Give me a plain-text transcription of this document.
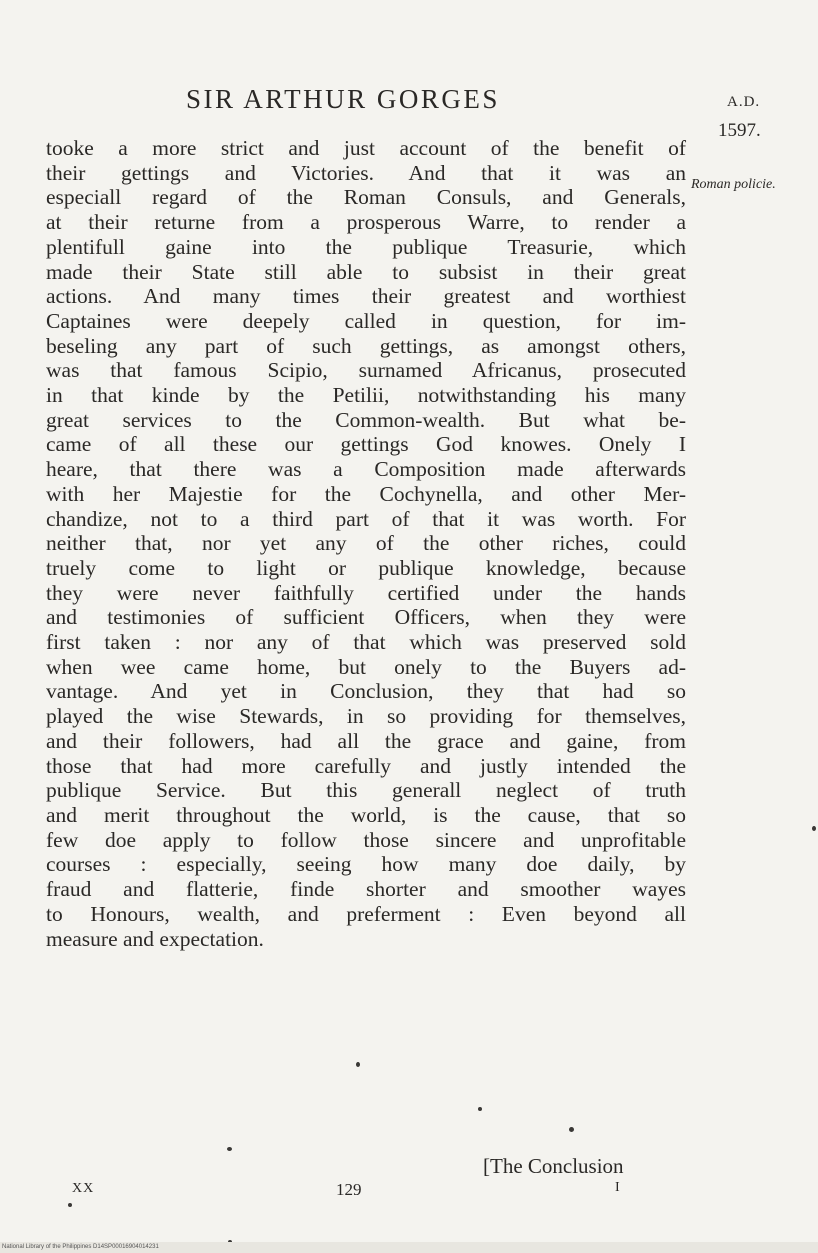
SIR ARTHUR GORGES	A.D.
1597.
Roman policie.
tooke a more strict and just account of the benefit of
their gettings and Victories. And that it was an
especiall regard of the Roman Consuls, and Generals,
at their returne from a prosperous Warre, to render a
plentifull gaine into the publique Treasurie, which
made their State still able to subsist in their great
actions. And many times their greatest and worthiest
Captaines were deepely called in question, for im-
beseling any part of such gettings, as amongst others,
was that famous Scipio, surnamed Africanus, prosecuted
in that kinde by the Petilii, notwithstanding his many
great services to the Common-wealth. But what be-
came of all these our gettings God knowes. Onely I
heare, that there was a Composition made afterwards
with her Majestie for the Cochynella, and other Mer-
chandize, not to a third part of that it was worth. For
neither that, nor yet any of the other riches, could
truely come to light or publique knowledge, because
they were never faithfully certified under the hands
and testimonies of sufficient Officers, when they were
first taken : nor any of that which was preserved sold
when wee came home, but onely to the Buyers ad-
vantage. And yet in Conclusion, they that had so
played the wise Stewards, in so providing for themselves,
and their followers, had all the grace and gaine, from
those that had more carefully and justly intended the
publique Service. But this generall neglect of truth
and merit throughout the world, is the cause, that so
few doe apply to follow those sincere and unprofitable
courses : especially, seeing how many doe daily, by
fraud and flatterie, finde shorter and smoother wayes
to Honours, wealth, and preferment : Even beyond all
measure and expectation.
[The Conclusion
XX	129	I
National Library of the Philippines D14SP00016904014231
